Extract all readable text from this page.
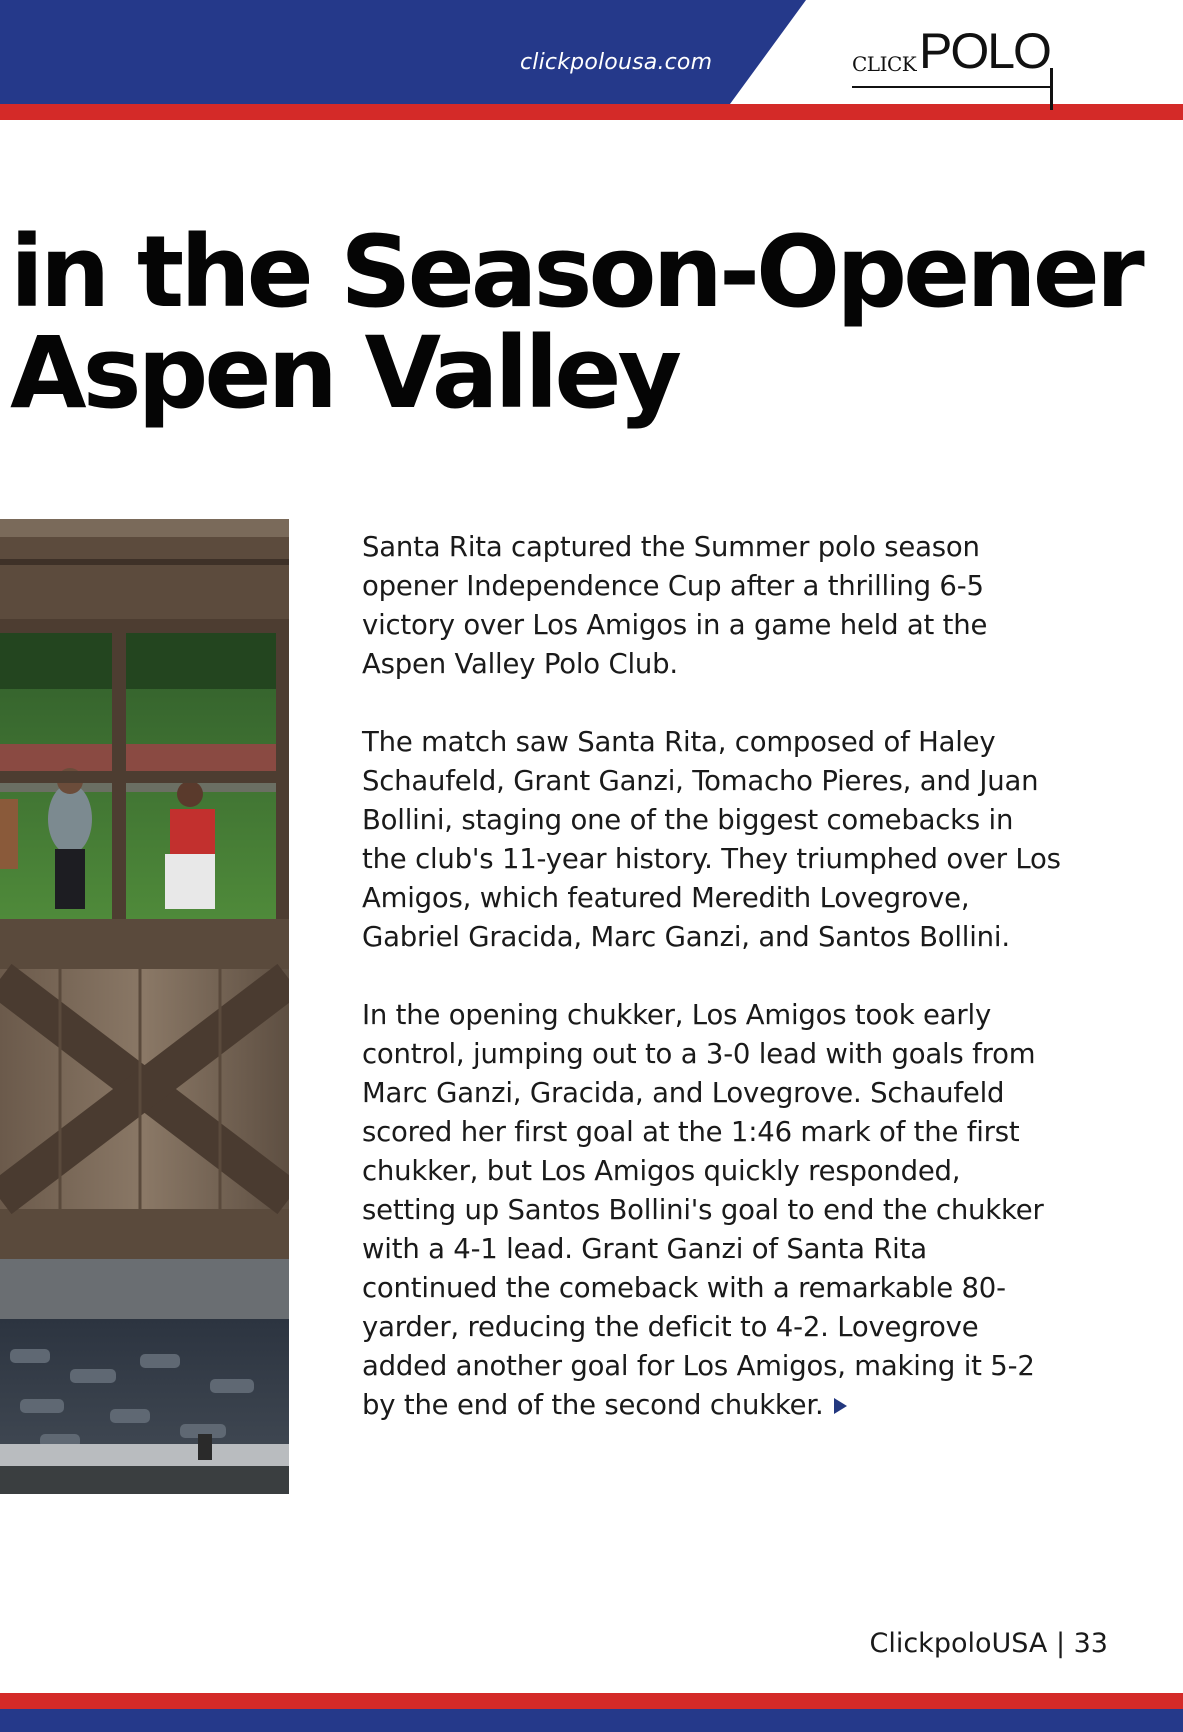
clickpolousa.com	CLICK POLO
in the Season-Opener
Aspen Valley

Santa Rita captured the Summer polo season opener Independence Cup after a thrilling 6-5 victory over Los Amigos in a game held at the Aspen Valley Polo Club.

The match saw Santa Rita, composed of Haley Schaufeld, Grant Ganzi, Tomacho Pieres, and Juan Bollini, staging one of the biggest comebacks in the club's 11-year history. They triumphed over Los Amigos, which featured Meredith Lovegrove, Gabriel Gracida, Marc Ganzi, and Santos Bollini.

In the opening chukker, Los Amigos took early control, jumping out to a 3-0 lead with goals from Marc Ganzi, Gracida, and Lovegrove. Schaufeld scored her first goal at the 1:46 mark of the first chukker, but Los Amigos quickly responded, setting up Santos Bollini's goal to end the chukker with a 4-1 lead. Grant Ganzi of Santa Rita continued the comeback with a remarkable 80-yarder, reducing the deficit to 4-2. Lovegrove added another goal for Los Amigos, making it 5-2 by the end of the second chukker.

ClickpoloUSA | 33
